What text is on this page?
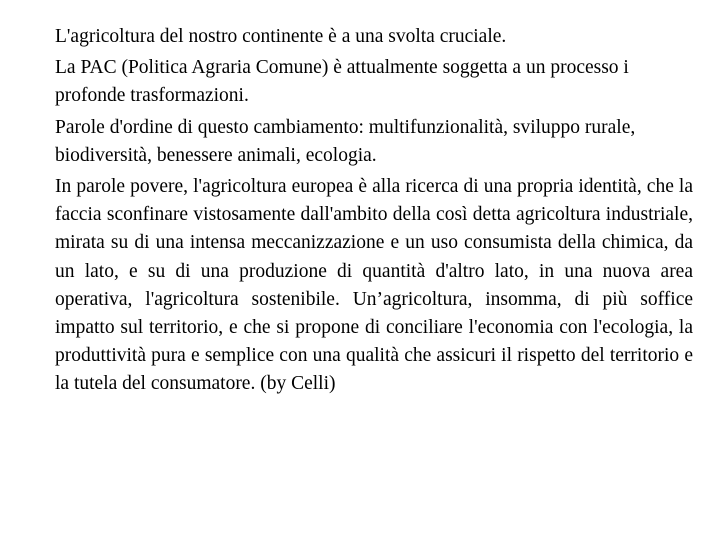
L'agricoltura del nostro continente è a una svolta cruciale.

La PAC (Politica Agraria Comune) è attualmente soggetta a un processo i profonde trasformazioni.

Parole d'ordine di questo cambiamento: multifunzionalità, sviluppo rurale, biodiversità, benessere animali, ecologia.

In parole povere, l'agricoltura europea è alla ricerca di una propria identità, che la faccia sconfinare vistosamente dall'ambito della così detta agricoltura industriale, mirata su di una intensa meccanizzazione e un uso consumista della chimica, da un lato, e su di una produzione di quantità d'altro lato, in una nuova area operativa, l'agricoltura sostenibile. Un’agricoltura, insomma, di più soffice impatto sul territorio, e che si propone di conciliare l'economia con l'ecologia, la produttività pura e semplice con una qualità che assicuri il rispetto del territorio e la tutela del consumatore. (by Celli)
